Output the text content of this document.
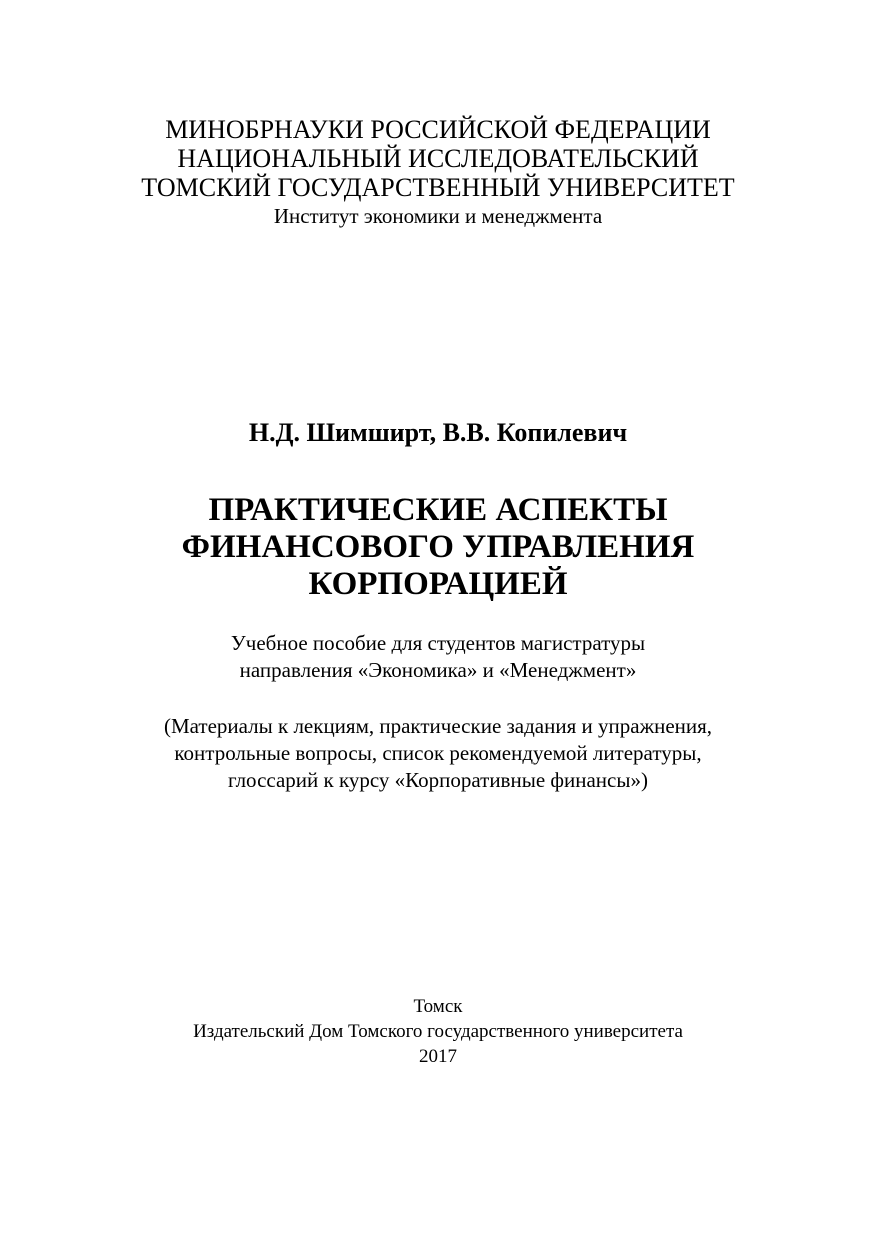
МИНОБРНАУКИ РОССИЙСКОЙ ФЕДЕРАЦИИ
НАЦИОНАЛЬНЫЙ ИССЛЕДОВАТЕЛЬСКИЙ
ТОМСКИЙ ГОСУДАРСТВЕННЫЙ УНИВЕРСИТЕТ
Институт экономики и менеджмента
Н.Д. Шимширт, В.В. Копилевич
ПРАКТИЧЕСКИЕ АСПЕКТЫ
ФИНАНСОВОГО УПРАВЛЕНИЯ
КОРПОРАЦИЕЙ
Учебное пособие для студентов магистратуры
направления «Экономика» и «Менеджмент»
(Материалы к лекциям, практические задания и упражнения,
контрольные вопросы, список рекомендуемой литературы,
глоссарий к курсу «Корпоративные финансы»)
Томск
Издательский Дом Томского государственного университета
2017
